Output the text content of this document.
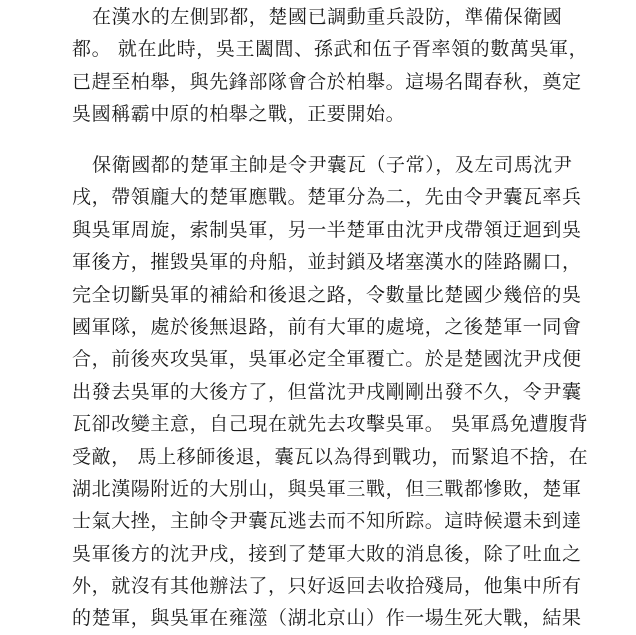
在漢水的左側郢都，楚國已調動重兵設防，準備保衛國
都。 就在此時，吳王闔閭、孫武和伍子胥率領的數萬吳軍，
已趕至柏舉，與先鋒部隊會合於柏舉。這場名聞春秋，奠定
吳國稱霸中原的柏舉之戰，正要開始。
保衛國都的楚軍主帥是令尹囊瓦（子常），及左司馬沈尹
戌，帶領龐大的楚軍應戰。楚軍分為二，先由令尹囊瓦率兵
與吳軍周旋，索制吳軍，另一半楚軍由沈尹戌帶領迂迴到吳
軍後方，摧毀吳軍的舟船，並封鎖及堵塞漢水的陸路關口，
完全切斷吳軍的補給和後退之路，令數量比楚國少幾倍的吳
國軍隊，處於後無退路，前有大軍的處境，之後楚軍一同會
合，前後夾攻吳軍，吳軍必定全軍覆亡。於是楚國沈尹戌便
出發去吳軍的大後方了，但當沈尹戌剛剛出發不久，令尹囊
瓦卻改變主意，自己現在就先去攻擊吳軍。 吳軍爲免遭腹背
受敵， 馬上移師後退，囊瓦以為得到戰功，而緊追不捨，在
湖北漢陽附近的大別山，與吳軍三戰，但三戰都慘敗，楚軍
士氣大挫，主帥令尹囊瓦逃去而不知所踪。這時候還未到達
吳軍後方的沈尹戌，接到了楚軍大敗的消息後，除了吐血之
外，就沒有其他辦法了，只好返回去收拾殘局，他集中所有
的楚軍，與吳軍在雍澨（湖北京山）作一場生死大戰，結果
